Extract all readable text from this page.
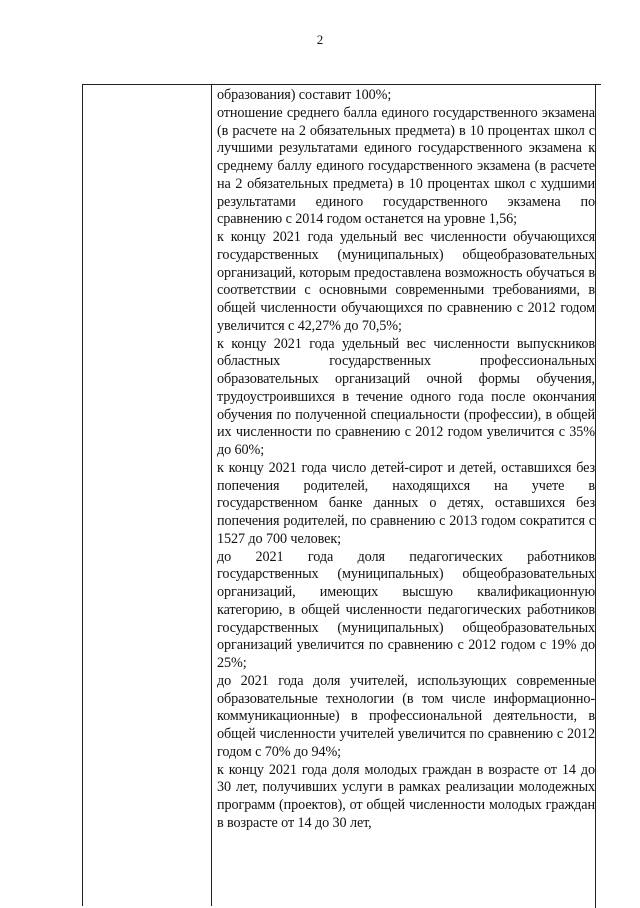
2

образования) составит 100%;

отношение среднего балла единого государственного экзамена (в расчете на 2 обязательных предмета) в 10 процентах школ с лучшими результатами единого государственного экзамена к среднему баллу единого государственного экзамена (в расчете на 2 обязательных предмета) в 10 процентах школ с худшими результатами единого государственного экзамена по сравнению с 2014 годом останется на уровне 1,56;

к концу 2021 года удельный вес численности обучающихся государственных (муниципальных) общеобразовательных организаций, которым предоставлена возможность обучаться в соответствии с основными современными требованиями, в общей численности обучающихся по сравнению с 2012 годом увеличится с 42,27% до 70,5%;

к концу 2021 года удельный вес численности выпускников областных государственных профессиональных образовательных организаций очной формы обучения, трудоустроившихся в течение одного года после окончания обучения по полученной специальности (профессии), в общей их численности по сравнению с 2012 годом увеличится с 35% до 60%;

к концу 2021 года число детей-сирот и детей, оставшихся без попечения родителей, находящихся на учете в государственном банке данных о детях, оставшихся без попечения родителей, по сравнению с 2013 годом сократится с 1527 до 700 человек;

до 2021 года доля педагогических работников государственных (муниципальных) общеобразовательных организаций, имеющих высшую квалификационную категорию, в общей численности педагогических работников государственных (муниципальных) общеобразовательных организаций увеличится по сравнению с 2012 годом с 19% до 25%;

до 2021 года доля учителей, использующих современные образовательные технологии (в том числе информационно-коммуникационные) в профессиональной деятельности, в общей численности учителей увеличится по сравнению с 2012 годом с 70% до 94%;

к концу 2021 года доля молодых граждан в возрасте от 14 до 30 лет, получивших услуги в рамках реализации молодежных программ (проектов), от общей численности молодых граждан в возрасте от 14 до 30 лет,
